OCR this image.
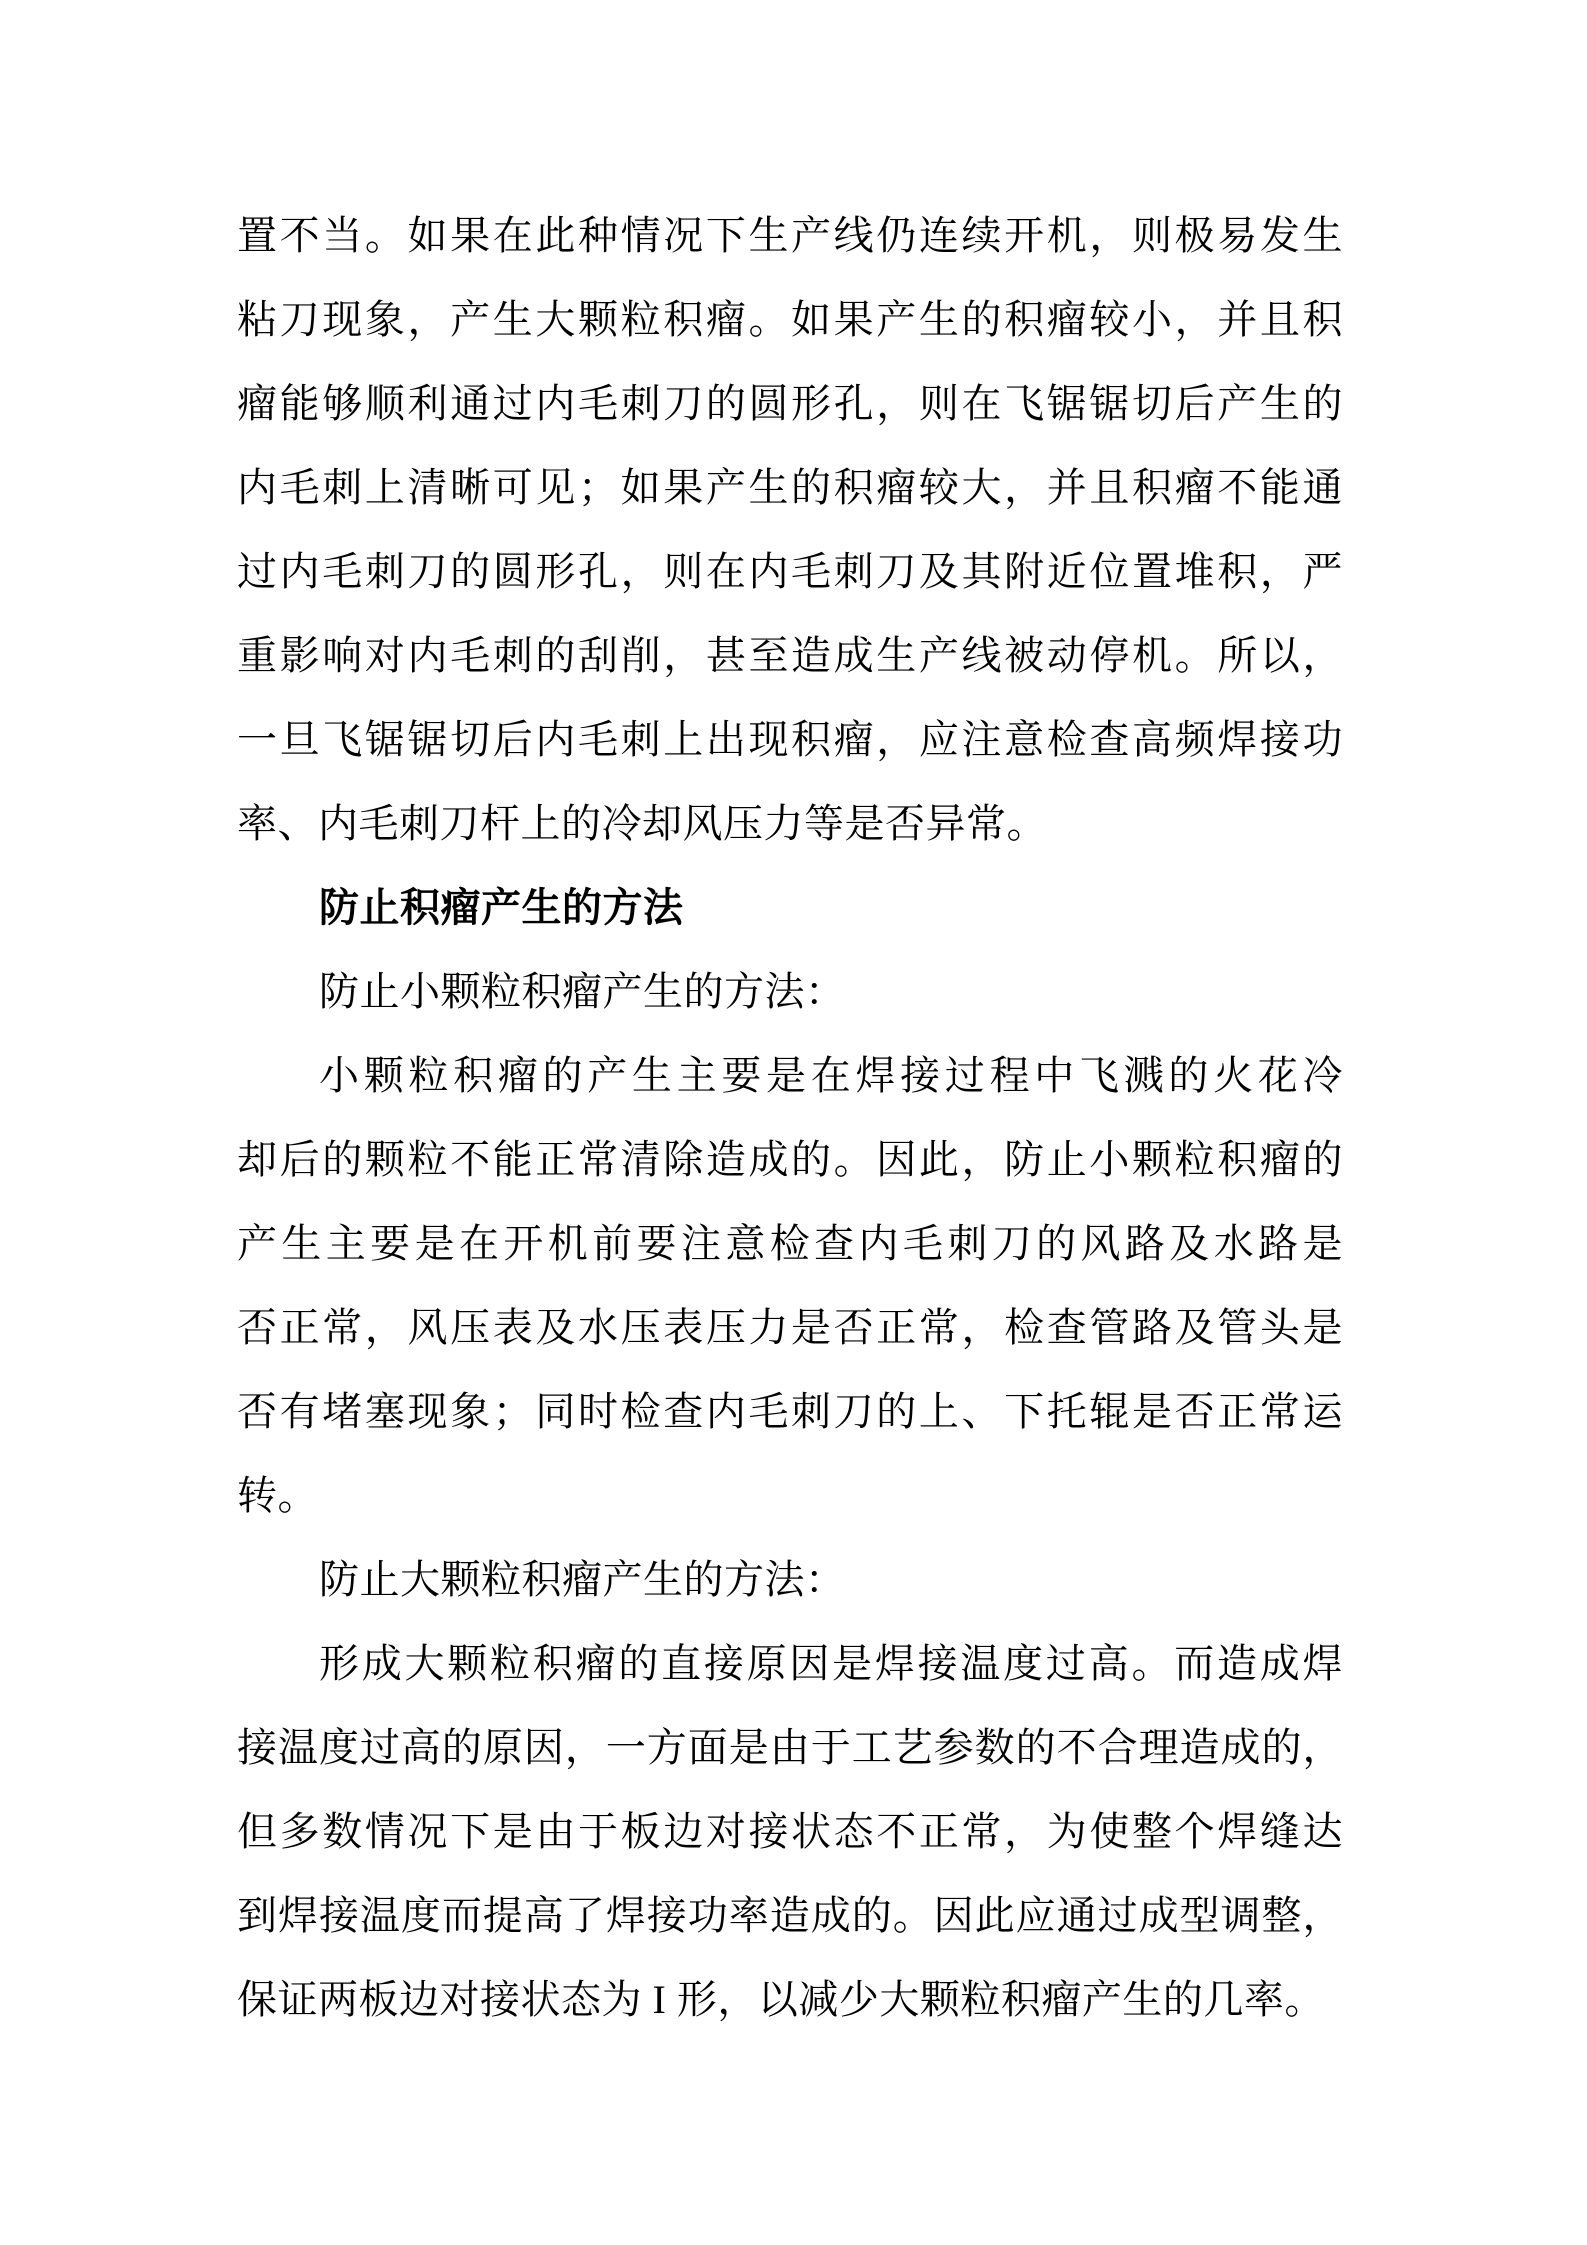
置不当。如果在此种情况下生产线仍连续开机，则极易发生
粘刀现象，产生大颗粒积瘤。如果产生的积瘤较小，并且积
瘤能够顺利通过内毛刺刀的圆形孔，则在飞锯锯切后产生的
内毛刺上清晰可见；如果产生的积瘤较大，并且积瘤不能通
过内毛刺刀的圆形孔，则在内毛刺刀及其附近位置堆积，严
重影响对内毛刺的刮削，甚至造成生产线被动停机。所以，
一旦飞锯锯切后内毛刺上出现积瘤，应注意检查高频焊接功
率、内毛刺刀杆上的冷却风压力等是否异常。
防止积瘤产生的方法
防止小颗粒积瘤产生的方法：
小颗粒积瘤的产生主要是在焊接过程中飞溅的火花冷
却后的颗粒不能正常清除造成的。因此，防止小颗粒积瘤的
产生主要是在开机前要注意检查内毛刺刀的风路及水路是
否正常，风压表及水压表压力是否正常，检查管路及管头是
否有堵塞现象；同时检查内毛刺刀的上、下托辊是否正常运
转。
防止大颗粒积瘤产生的方法：
形成大颗粒积瘤的直接原因是焊接温度过高。而造成焊
接温度过高的原因，一方面是由于工艺参数的不合理造成的，
但多数情况下是由于板边对接状态不正常，为使整个焊缝达
到焊接温度而提高了焊接功率造成的。因此应通过成型调整，
保证两板边对接状态为 I 形，以减少大颗粒积瘤产生的几率。
